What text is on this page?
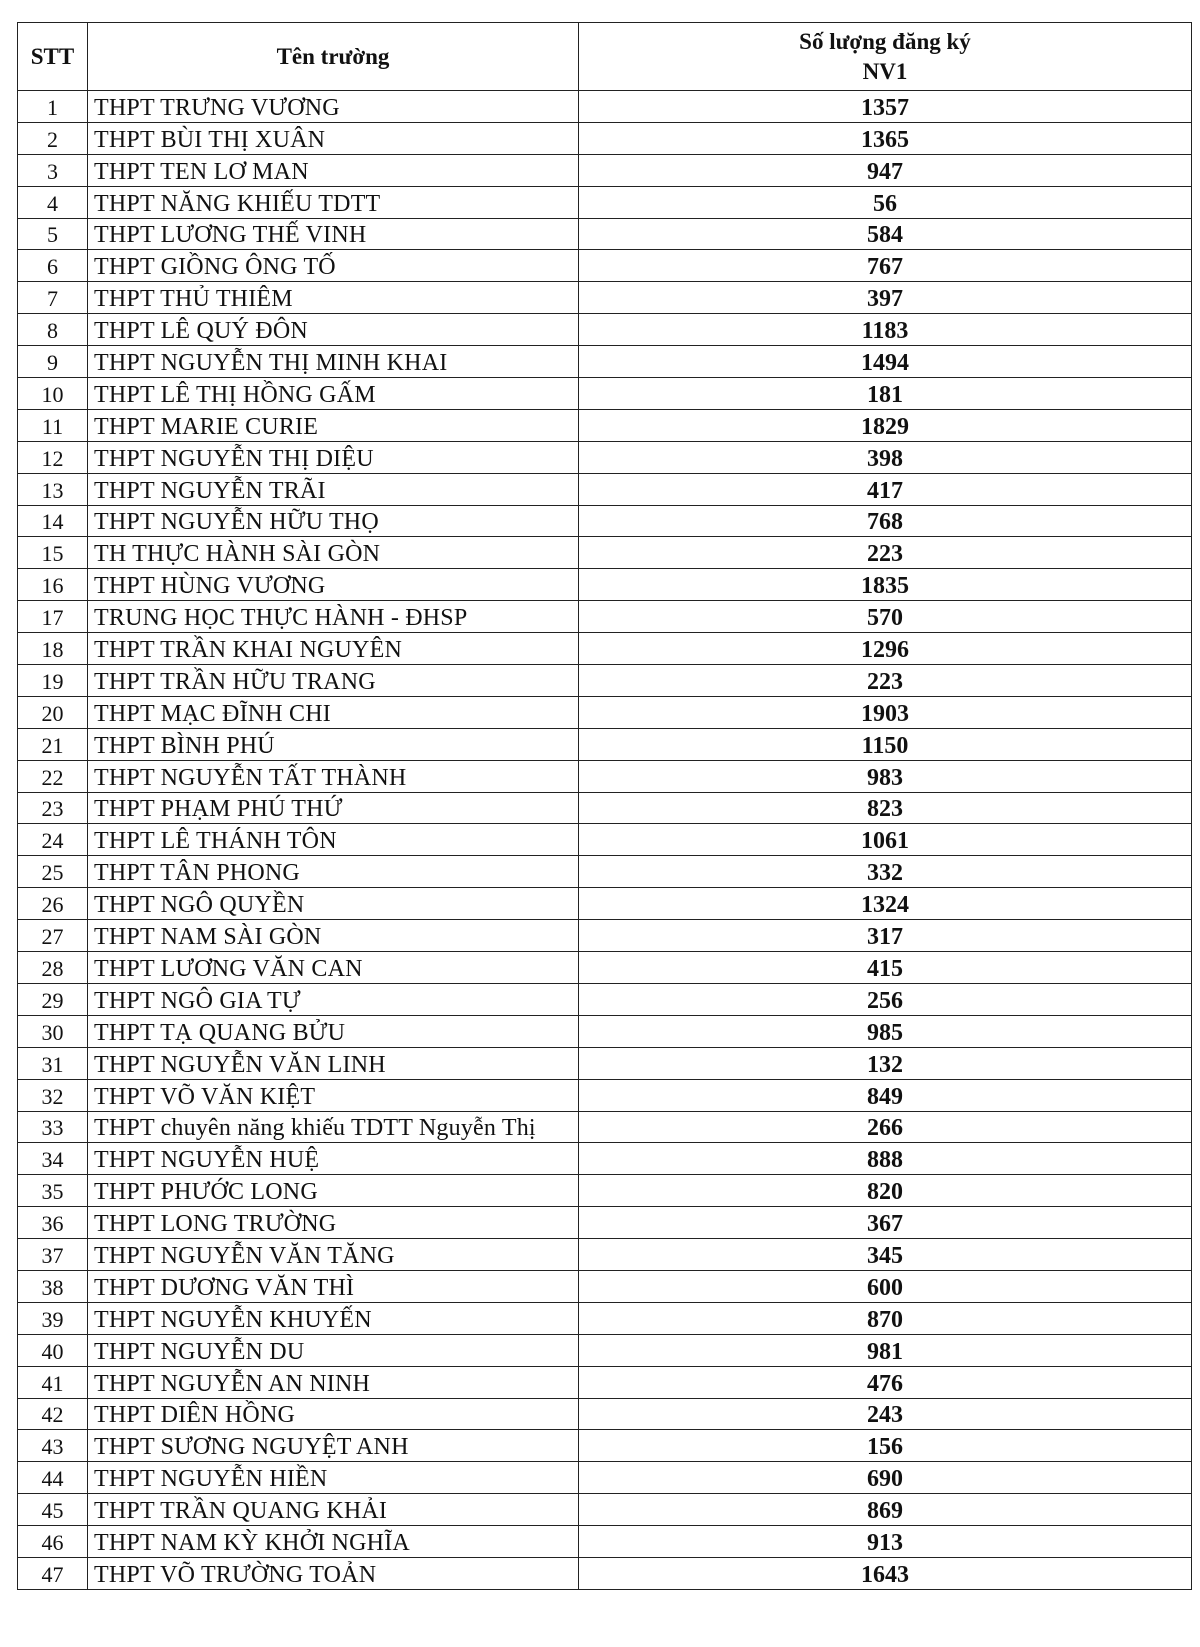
STT	Tên trường	Số lượng đăng ký
NV1

1	THPT TRƯNG VƯƠNG	1357
2	THPT BÙI THỊ XUÂN	1365
3	THPT TEN LƠ MAN	947
4	THPT NĂNG KHIẾU TDTT	56
5	THPT LƯƠNG THẾ VINH	584
6	THPT GIỒNG ÔNG TỐ	767
7	THPT THỦ THIÊM	397
8	THPT LÊ QUÝ ĐÔN	1183
9	THPT NGUYỄN THỊ MINH KHAI	1494
10	THPT LÊ THỊ HỒNG GẤM	181
11	THPT MARIE CURIE	1829
12	THPT NGUYỄN THỊ DIỆU	398
13	THPT NGUYỄN TRÃI	417
14	THPT NGUYỄN HỮU THỌ	768
15	TH THỰC HÀNH SÀI GÒN	223
16	THPT HÙNG VƯƠNG	1835
17	TRUNG HỌC THỰC HÀNH - ĐHSP	570
18	THPT TRẦN KHAI NGUYÊN	1296
19	THPT TRẦN HỮU TRANG	223
20	THPT MẠC ĐĨNH CHI	1903
21	THPT BÌNH PHÚ	1150
22	THPT NGUYỄN TẤT THÀNH	983
23	THPT PHẠM PHÚ THỨ	823
24	THPT LÊ THÁNH TÔN	1061
25	THPT TÂN PHONG	332
26	THPT NGÔ QUYỀN	1324
27	THPT NAM SÀI GÒN	317
28	THPT LƯƠNG VĂN CAN	415
29	THPT NGÔ GIA TỰ	256
30	THPT TẠ QUANG BỬU	985
31	THPT NGUYỄN VĂN LINH	132
32	THPT VÕ VĂN KIỆT	849
33	THPT chuyên năng khiếu TDTT Nguyễn Thị	266
34	THPT NGUYỄN HUỆ	888
35	THPT PHƯỚC LONG	820
36	THPT LONG TRƯỜNG	367
37	THPT NGUYỄN VĂN TĂNG	345
38	THPT DƯƠNG VĂN THÌ	600
39	THPT NGUYỄN KHUYẾN	870
40	THPT NGUYỄN DU	981
41	THPT NGUYỄN AN NINH	476
42	THPT DIÊN HỒNG	243
43	THPT SƯƠNG NGUYỆT ANH	156
44	THPT NGUYỄN HIỀN	690
45	THPT TRẦN QUANG KHẢI	869
46	THPT NAM KỲ KHỞI NGHĨA	913
47	THPT VÕ TRƯỜNG TOẢN	1643
